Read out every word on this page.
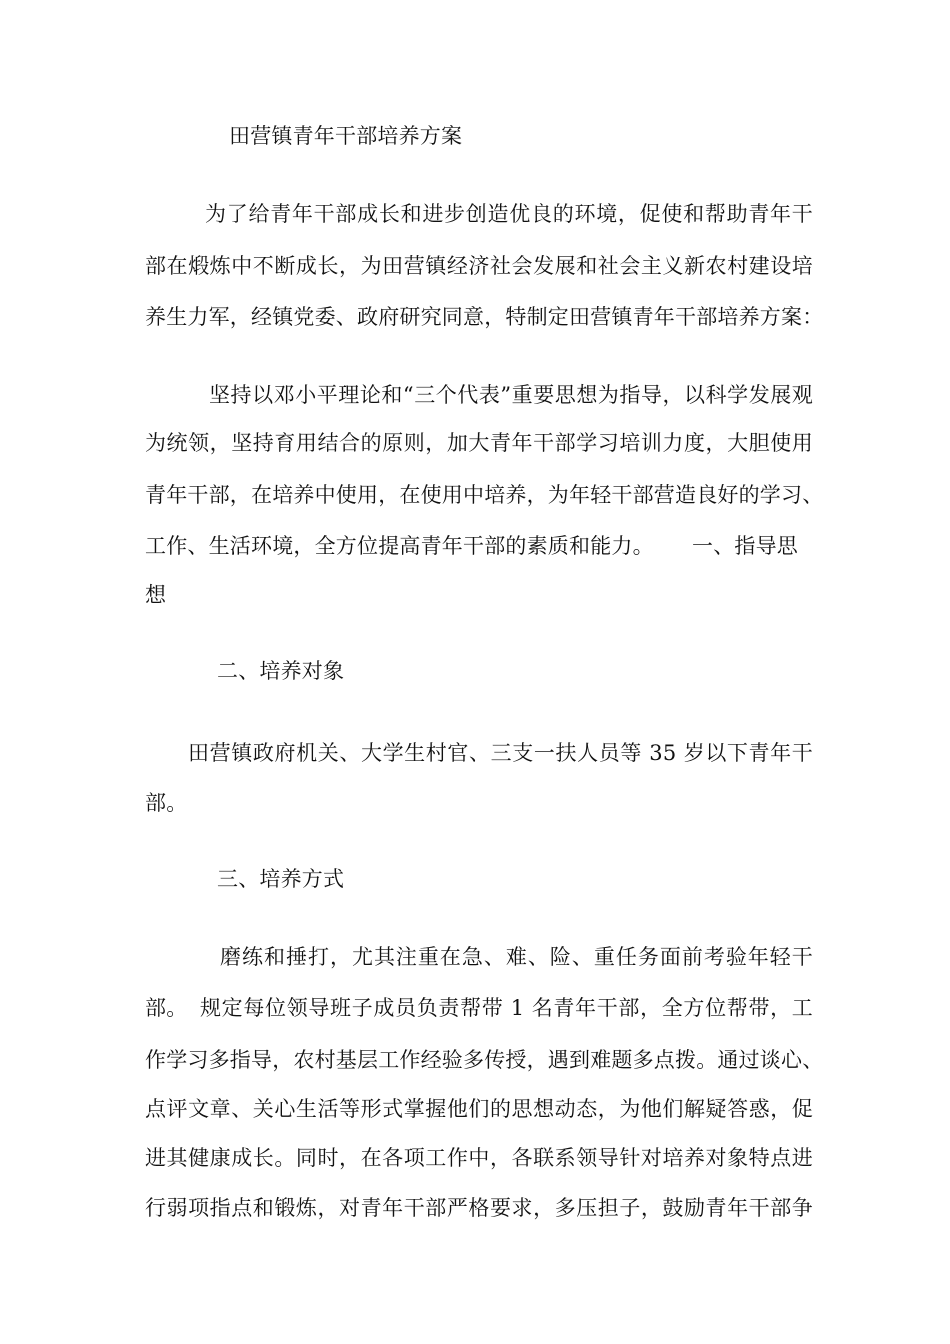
田营镇青年干部培养方案
为了给青年干部成长和进步创造优良的环境，促使和帮助青年干
部在煅炼中不断成长，为田营镇经济社会发展和社会主义新农村建设培
养生力军，经镇党委、政府研究同意，特制定田营镇青年干部培养方案：
坚持以邓小平理论和“三个代表”重要思想为指导，以科学发展观
为统领，坚持育用结合的原则，加大青年干部学习培训力度，大胆使用
青年干部，在培养中使用，在使用中培养，为年轻干部营造良好的学习、
工作、生活环境，全方位提高青年干部的素质和能力。	一、指导思
想
二、培养对象
田营镇政府机关、大学生村官、三支一扶人员等 35 岁以下青年干
部。
三、培养方式
磨练和捶打，尤其注重在急、难、险、重任务面前考验年轻干
部。 规定每位领导班子成员负责帮带 1 名青年干部，全方位帮带，工
作学习多指导，农村基层工作经验多传授，遇到难题多点拨。通过谈心、
点评文章、关心生活等形式掌握他们的思想动态，为他们解疑答惑，促
进其健康成长。同时，在各项工作中，各联系领导针对培养对象特点进
行弱项指点和锻炼，对青年干部严格要求，多压担子，鼓励青年干部争
